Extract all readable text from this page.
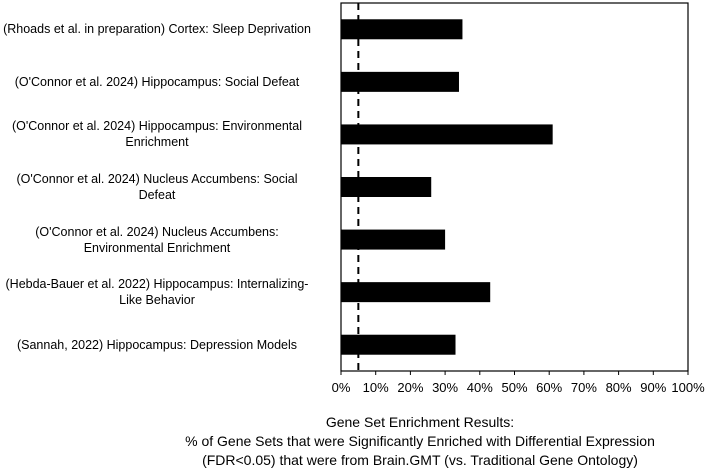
0% 10% 20% 30% 40% 50% 60% 70% 80% 90% 100%
(Rhoads et al. in preparation) Cortex: Sleep Deprivation
(O'Connor et al. 2024) Hippocampus: Social Defeat
(O'Connor et al. 2024) Hippocampus: Environmental
Enrichment
(O'Connor et al. 2024) Nucleus Accumbens: Social
Defeat
(O'Connor et al. 2024) Nucleus Accumbens:
Environmental Enrichment
(Hebda-Bauer et al. 2022) Hippocampus: Internalizing-
Like Behavior
(Sannah, 2022) Hippocampus: Depression Models
Gene Set Enrichment Results:
% of Gene Sets that were Significantly Enriched with Differential Expression
(FDR<0.05) that were from Brain.GMT (vs. Traditional Gene Ontology)
